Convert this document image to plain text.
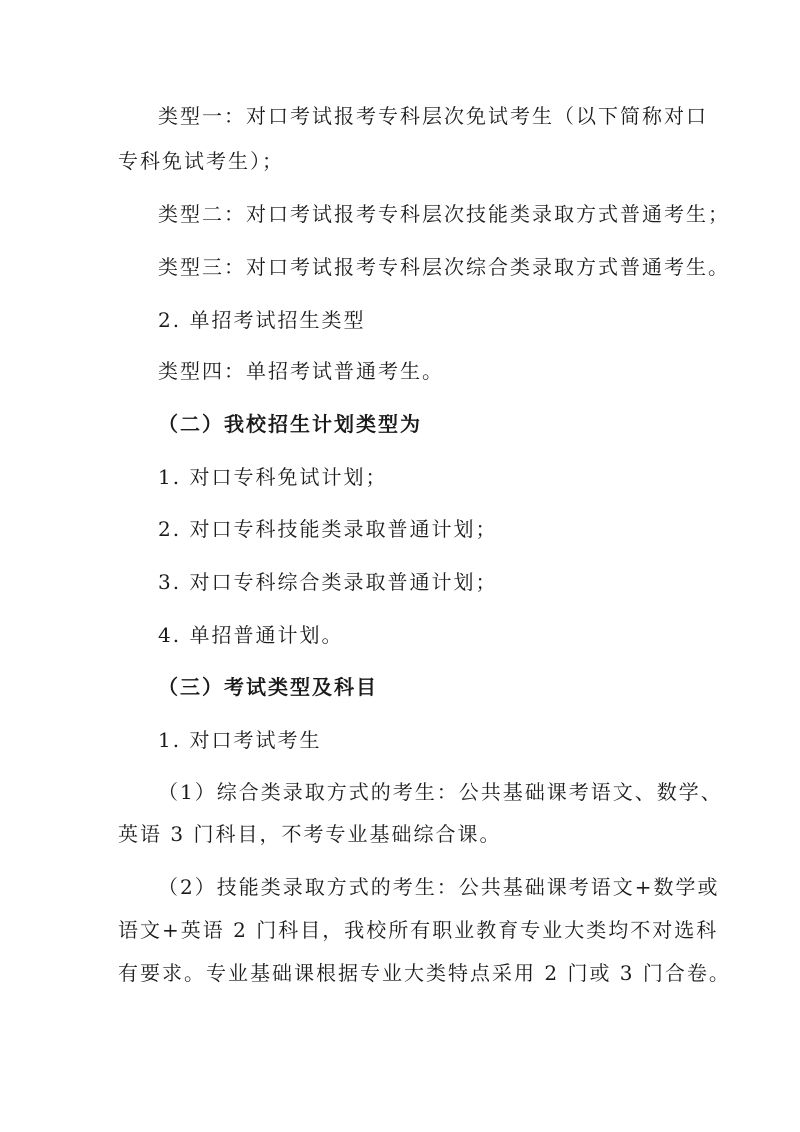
类型一：对口考试报考专科层次免试考生（以下简称对口
专科免试考生）；
类型二：对口考试报考专科层次技能类录取方式普通考生；
类型三：对口考试报考专科层次综合类录取方式普通考生。
2. 单招考试招生类型
类型四：单招考试普通考生。
（二）我校招生计划类型为
1. 对口专科免试计划；
2. 对口专科技能类录取普通计划；
3. 对口专科综合类录取普通计划；
4. 单招普通计划。
（三）考试类型及科目
1. 对口考试考生
（1）综合类录取方式的考生：公共基础课考语文、数学、
英语 3 门科目，不考专业基础综合课。
（2）技能类录取方式的考生：公共基础课考语文+数学或
语文+英语 2 门科目，我校所有职业教育专业大类均不对选科
有要求。专业基础课根据专业大类特点采用 2 门或 3 门合卷。
